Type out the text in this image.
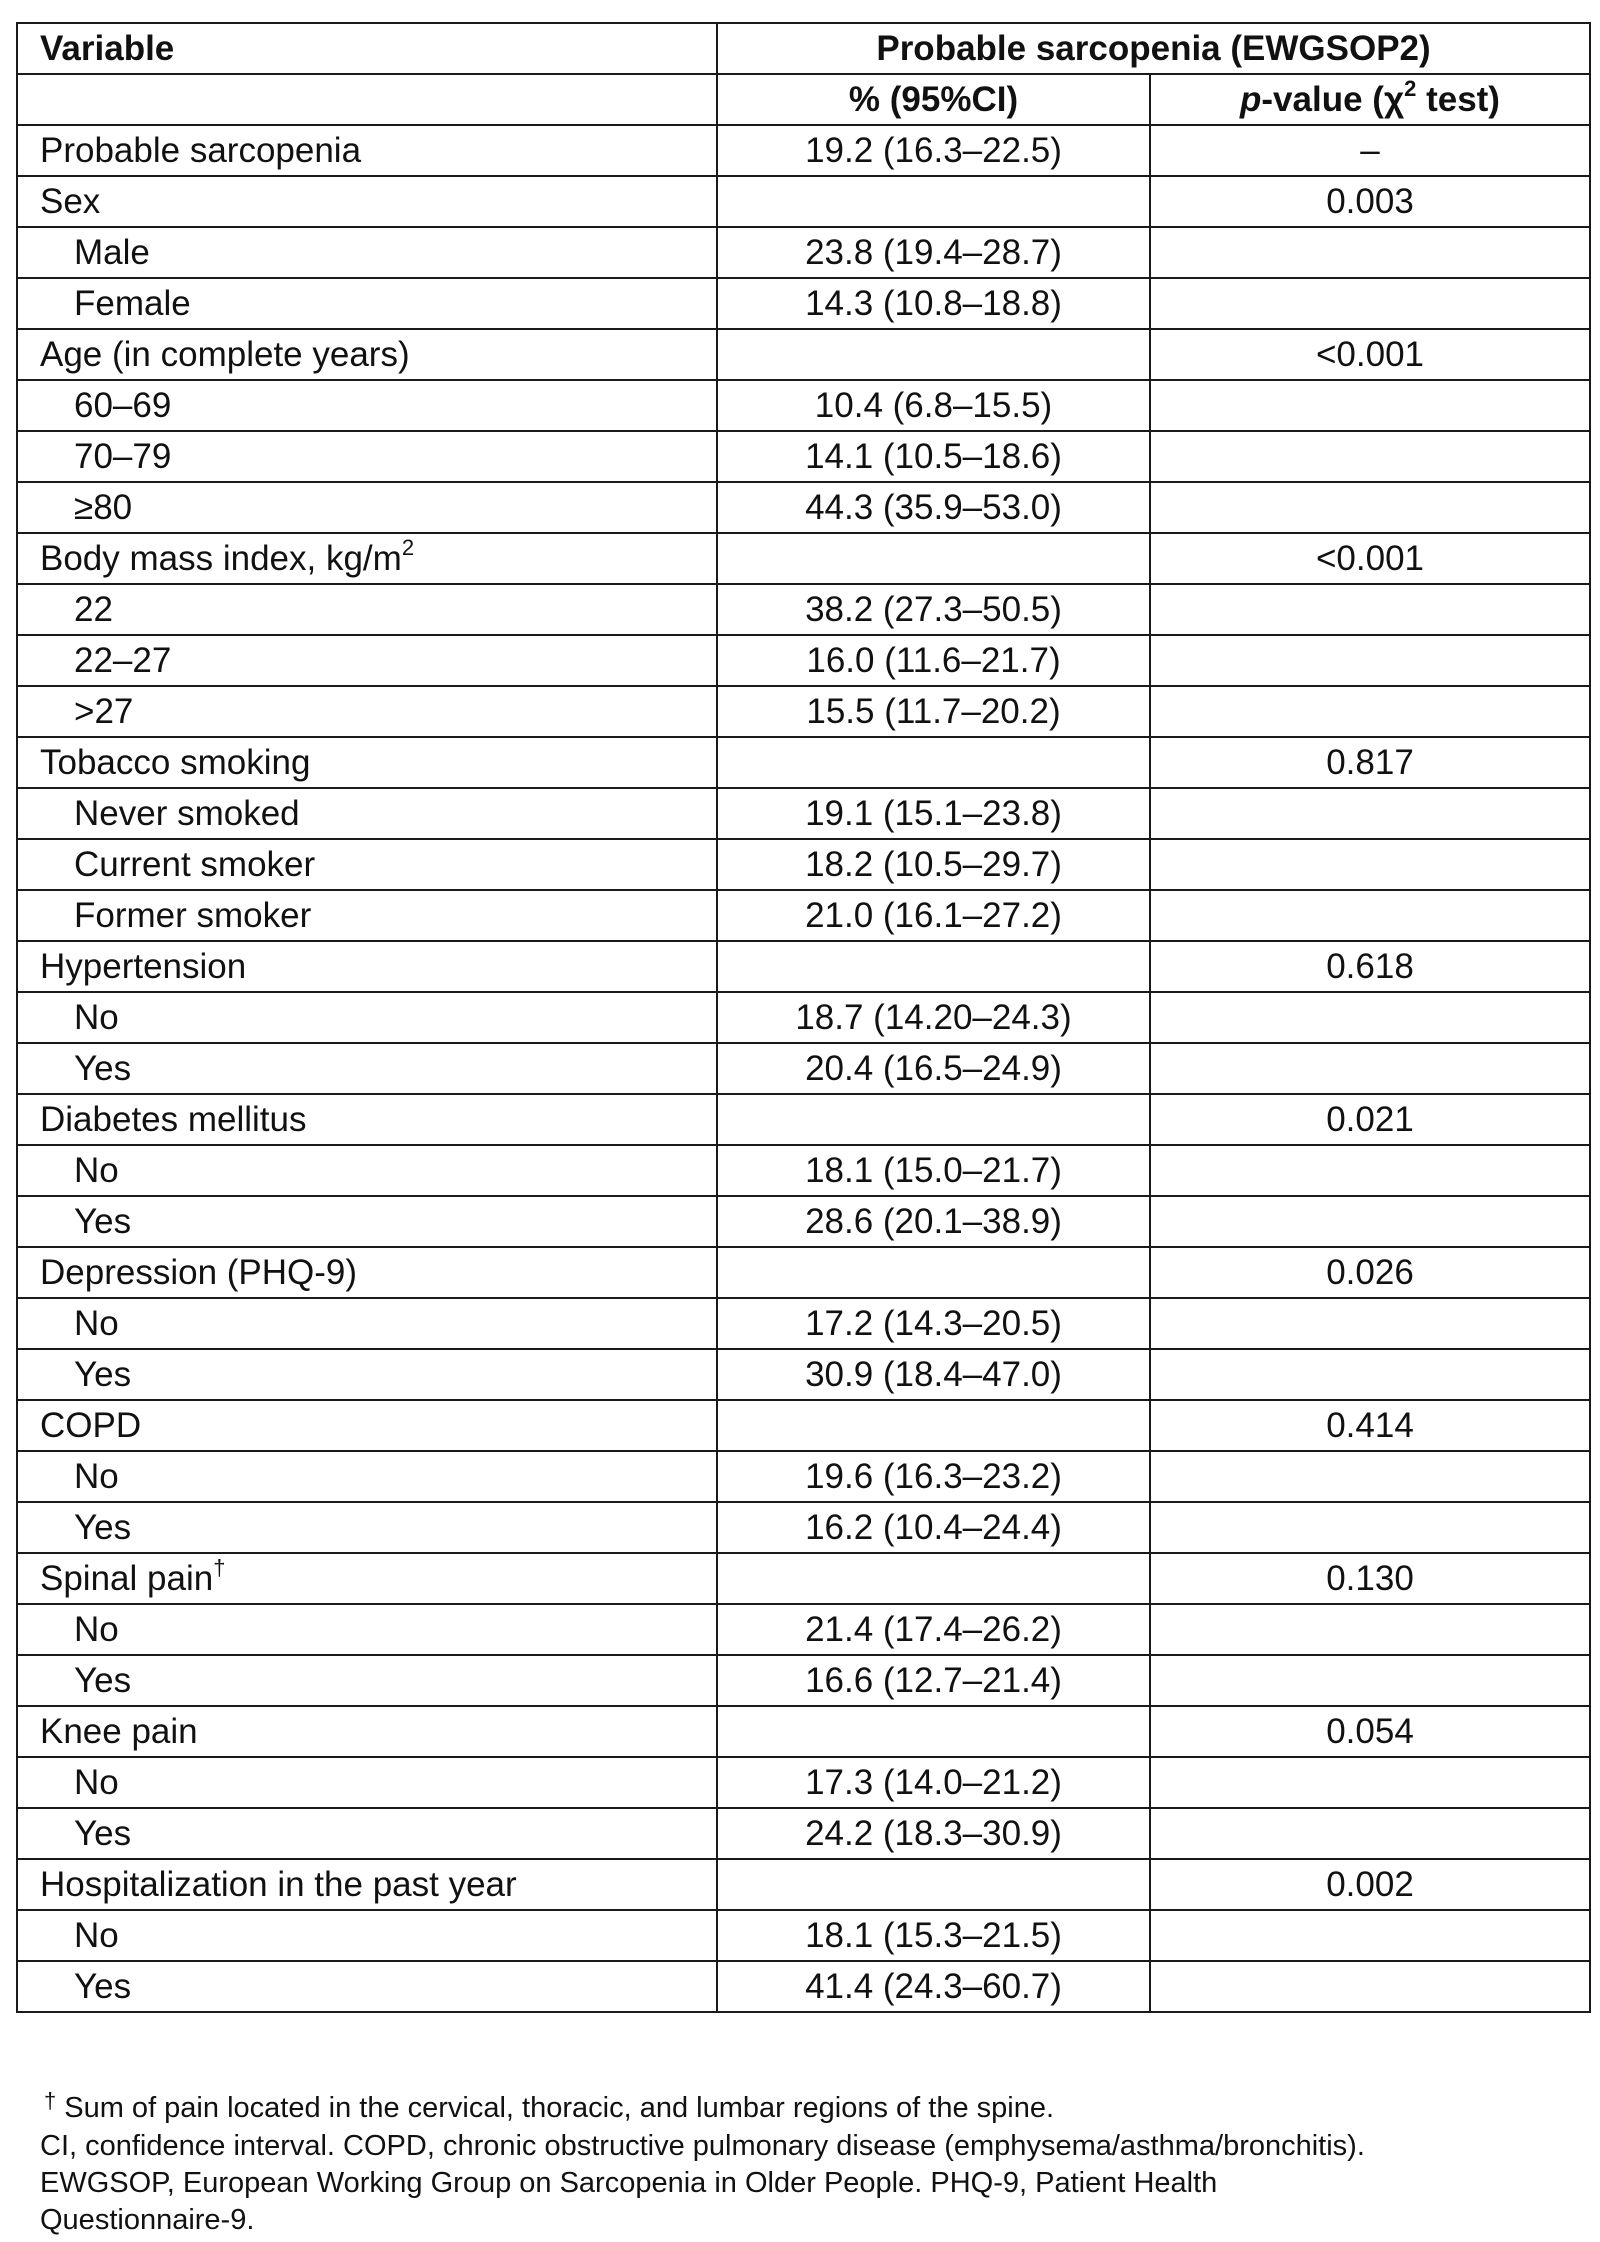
Variable	Probable sarcopenia (EWGSOP2)	
	% (95%CI)	p-value ($\chi^2$ test)
Probable sarcopenia	19.2 (16.3–22.5)	–
Sex		0.003
Male	23.8 (19.4–28.7)	
Female	14.3 (10.8–18.8)	
Age (in complete years)		<0.001
60–69	10.4 (6.8–15.5)	
70–79	14.1 (10.5–18.6)	
≥80	44.3 (35.9–53.0)	
Body mass index, $kg/m^2$		<0.001
22	38.2 (27.3–50.5)	
22–27	16.0 (11.6–21.7)	
>27	15.5 (11.7–20.2)	
Tobacco smoking		0.817
Never smoked	19.1 (15.1–23.8)	
Current smoker	18.2 (10.5–29.7)	
Former smoker	21.0 (16.1–27.2)	
Hypertension		0.618
No	18.7 (14.20–24.3)	
Yes	20.4 (16.5–24.9)	
Diabetes mellitus		0.021
No	18.1 (15.0–21.7)	
Yes	28.6 (20.1–38.9)	
Depression (PHQ-9)		0.026
No	17.2 (14.3–20.5)	
Yes	30.9 (18.4–47.0)	
COPD		0.414
No	19.6 (16.3–23.2)	
Yes	16.2 (10.4–24.4)	
Spinal pain†		0.130
No	21.4 (17.4–26.2)	
Yes	16.6 (12.7–21.4)	
Knee pain		0.054
No	17.3 (14.0–21.2)	
Yes	24.2 (18.3–30.9)	
Hospitalization in the past year		0.002
No	18.1 (15.3–21.5)	
Yes	41.4 (24.3–60.7)	
† Sum of pain located in the cervical, thoracic, and lumbar regions of the spine.
CI, confidence interval. COPD, chronic obstructive pulmonary disease (emphysema/asthma/bronchitis).
EWGSOP, European Working Group on Sarcopenia in Older People. PHQ-9, Patient Health
Questionnaire-9.
